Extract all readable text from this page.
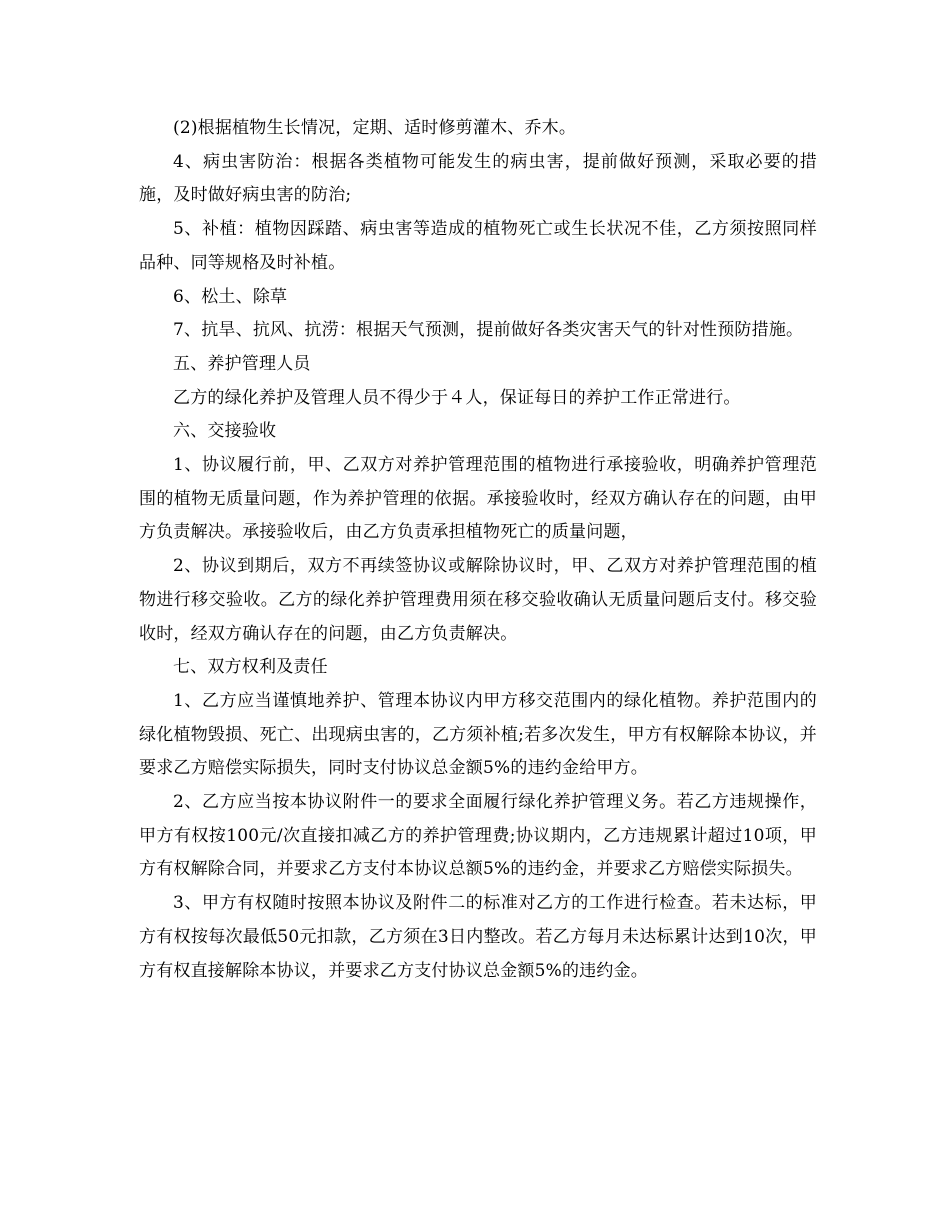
(2)根据植物生长情况，定期、适时修剪灌木、乔木。

4、病虫害防治：根据各类植物可能发生的病虫害，提前做好预测，采取必要的措施，及时做好病虫害的防治;

5、补植：植物因踩踏、病虫害等造成的植物死亡或生长状况不佳，乙方须按照同样品种、同等规格及时补植。

6、松土、除草

7、抗旱、抗风、抗涝：根据天气预测，提前做好各类灾害天气的针对性预防措施。

五、养护管理人员

乙方的绿化养护及管理人员不得少于４人，保证每日的养护工作正常进行。

六、交接验收

1、协议履行前，甲、乙双方对养护管理范围的植物进行承接验收，明确养护管理范围的植物无质量问题，作为养护管理的依据。承接验收时，经双方确认存在的问题，由甲方负责解决。承接验收后，由乙方负责承担植物死亡的质量问题，

2、协议到期后，双方不再续签协议或解除协议时，甲、乙双方对养护管理范围的植物进行移交验收。乙方的绿化养护管理费用须在移交验收确认无质量问题后支付。移交验收时，经双方确认存在的问题，由乙方负责解决。

七、双方权利及责任

1、乙方应当谨慎地养护、管理本协议内甲方移交范围内的绿化植物。养护范围内的绿化植物毁损、死亡、出现病虫害的，乙方须补植;若多次发生，甲方有权解除本协议，并要求乙方赔偿实际损失，同时支付协议总金额5%的违约金给甲方。

2、乙方应当按本协议附件一的要求全面履行绿化养护管理义务。若乙方违规操作，甲方有权按100元/次直接扣减乙方的养护管理费;协议期内，乙方违规累计超过10项，甲方有权解除合同，并要求乙方支付本协议总额5%的违约金，并要求乙方赔偿实际损失。

3、甲方有权随时按照本协议及附件二的标准对乙方的工作进行检查。若未达标，甲方有权按每次最低50元扣款，乙方须在3日内整改。若乙方每月未达标累计达到10次，甲方有权直接解除本协议，并要求乙方支付协议总金额5%的违约金。
